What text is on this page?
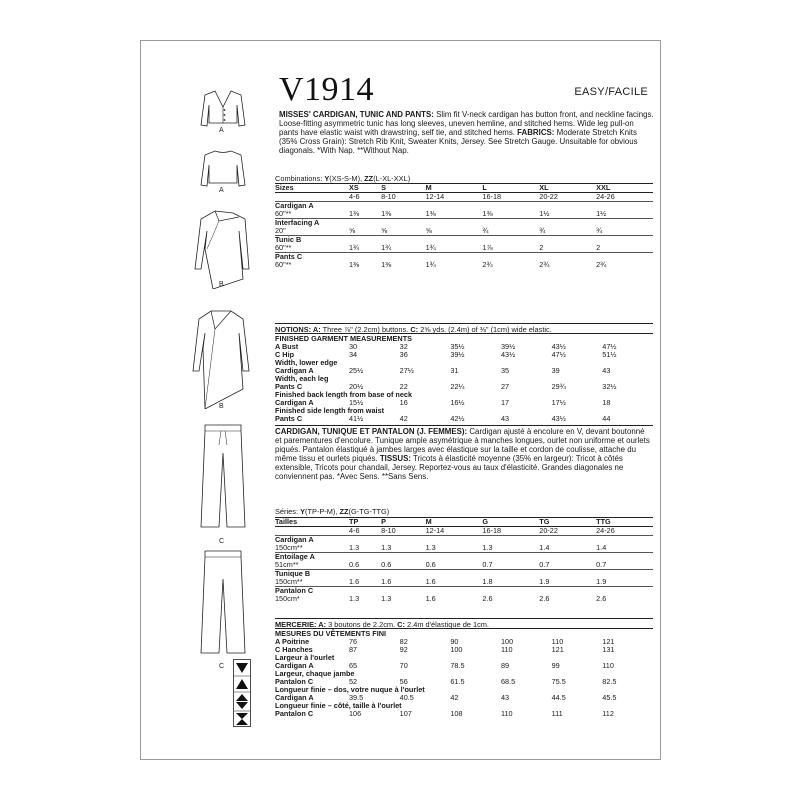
A
A
B
B
C
C
V1914	EASY/FACILE
MISSES' CARDIGAN, TUNIC AND PANTS: Slim fit V-neck cardigan has button front, and neckline facings. Loose-fitting asymmetric tunic has long sleeves, uneven hemline, and stitched hems. Wide leg pull-on pants have elastic waist with drawstring, self tie, and stitched hems. FABRICS: Moderate Stretch Knits (35% Cross Grain): Stretch Rib Knit, Sweater Knits, Jersey. See Stretch Gauge. Unsuitable for obvious diagonals. *With Nap. **Without Nap.
Combinations: Y(XS-S-M), ZZ(L-XL-XXL)
Sizes	XS	S	M	L	XL	XXL
	4-6	8-10	12-14	16-18	20-22	24-26
Cardigan A						
60"**	1⅜	1⅜	1⅜	1⅜	1½	1½
Interfacing A						
20"	⅝	⅝	⅝	¾	¾	¾
Tunic B						
60"**	1¾	1¾	1¾	1⅞	2	2
Pants C						
60"**	1⅜	1⅜	1¾	2¾	2¾	2¾
NOTIONS: A: Three ⅞" (2.2cm) buttons. C: 2⅝ yds. (2.4m) of ⅜" (1cm) wide elastic.
FINISHED GARMENT MEASUREMENTS
A Bust	30	32	35½	39½	43½	47½
C Hip	34	36	39½	43½	47½	51½
Width, lower edge						
Cardigan A	25½	27½	31	35	39	43
Width, each leg						
Pants C	20½	22	22¼	27	29¾	32½
Finished back length from base of neck						
Cardigan A	15½	16	16½	17	17½	18
Finished side length from waist						
Pants C	41½	42	42½	43	43½	44
CARDIGAN, TUNIQUE ET PANTALON (J. FEMMES): Cardigan ajusté à encolure en V, devant boutonné et parementures d'encolure. Tunique ample asymétrique à manches longues, ourlet non uniforme et ourlets piqués. Pantalon élastiqué à jambes larges avec élastique sur la taille et cordon de coulisse, attache du même tissu et ourlets piqués. TISSUS: Tricots à élasticité moyenne (35% en largeur): Tricot à côtés extensible, Tricots pour chandail, Jersey. Reportez-vous au taux d'élasticité. Grandes diagonales ne conviennent pas. *Avec Sens. **Sans Sens.
Séries: Y(TP-P-M), ZZ(G-TG-TTG)
Tailles	TP	P	M	G	TG	TTG
	4-6	8-10	12-14	16-18	20-22	24-26
Cardigan A						
150cm**	1.3	1.3	1.3	1.3	1.4	1.4
Entoilage A						
51cm**	0.6	0.6	0.6	0.7	0.7	0.7
Tunique B						
150cm**	1.6	1.6	1.6	1.8	1.9	1.9
Pantalon C						
150cm*	1.3	1.3	1.6	2.6	2.6	2.6
MERCERIE: A: 3 boutons de 2.2cm. C: 2.4m d'élastique de 1cm.
MESURES DU VÊTEMENTS FINI
A Poitrine	76	82	90	100	110	121
C Hanches	87	92	100	110	121	131
Largeur à l'ourlet						
Cardigan A	65	70	78.5	89	99	110
Largeur, chaque jambe						
Pantalon C	52	56	61.5	68.5	75.5	82.5
Longueur finie – dos, votre nuque à l'ourlet						
Cardigan A	39.5	40.5	42	43	44.5	45.5
Longueur finie – côté, taille à l'ourlet						
Pantalon C	106	107	108	110	111	112
